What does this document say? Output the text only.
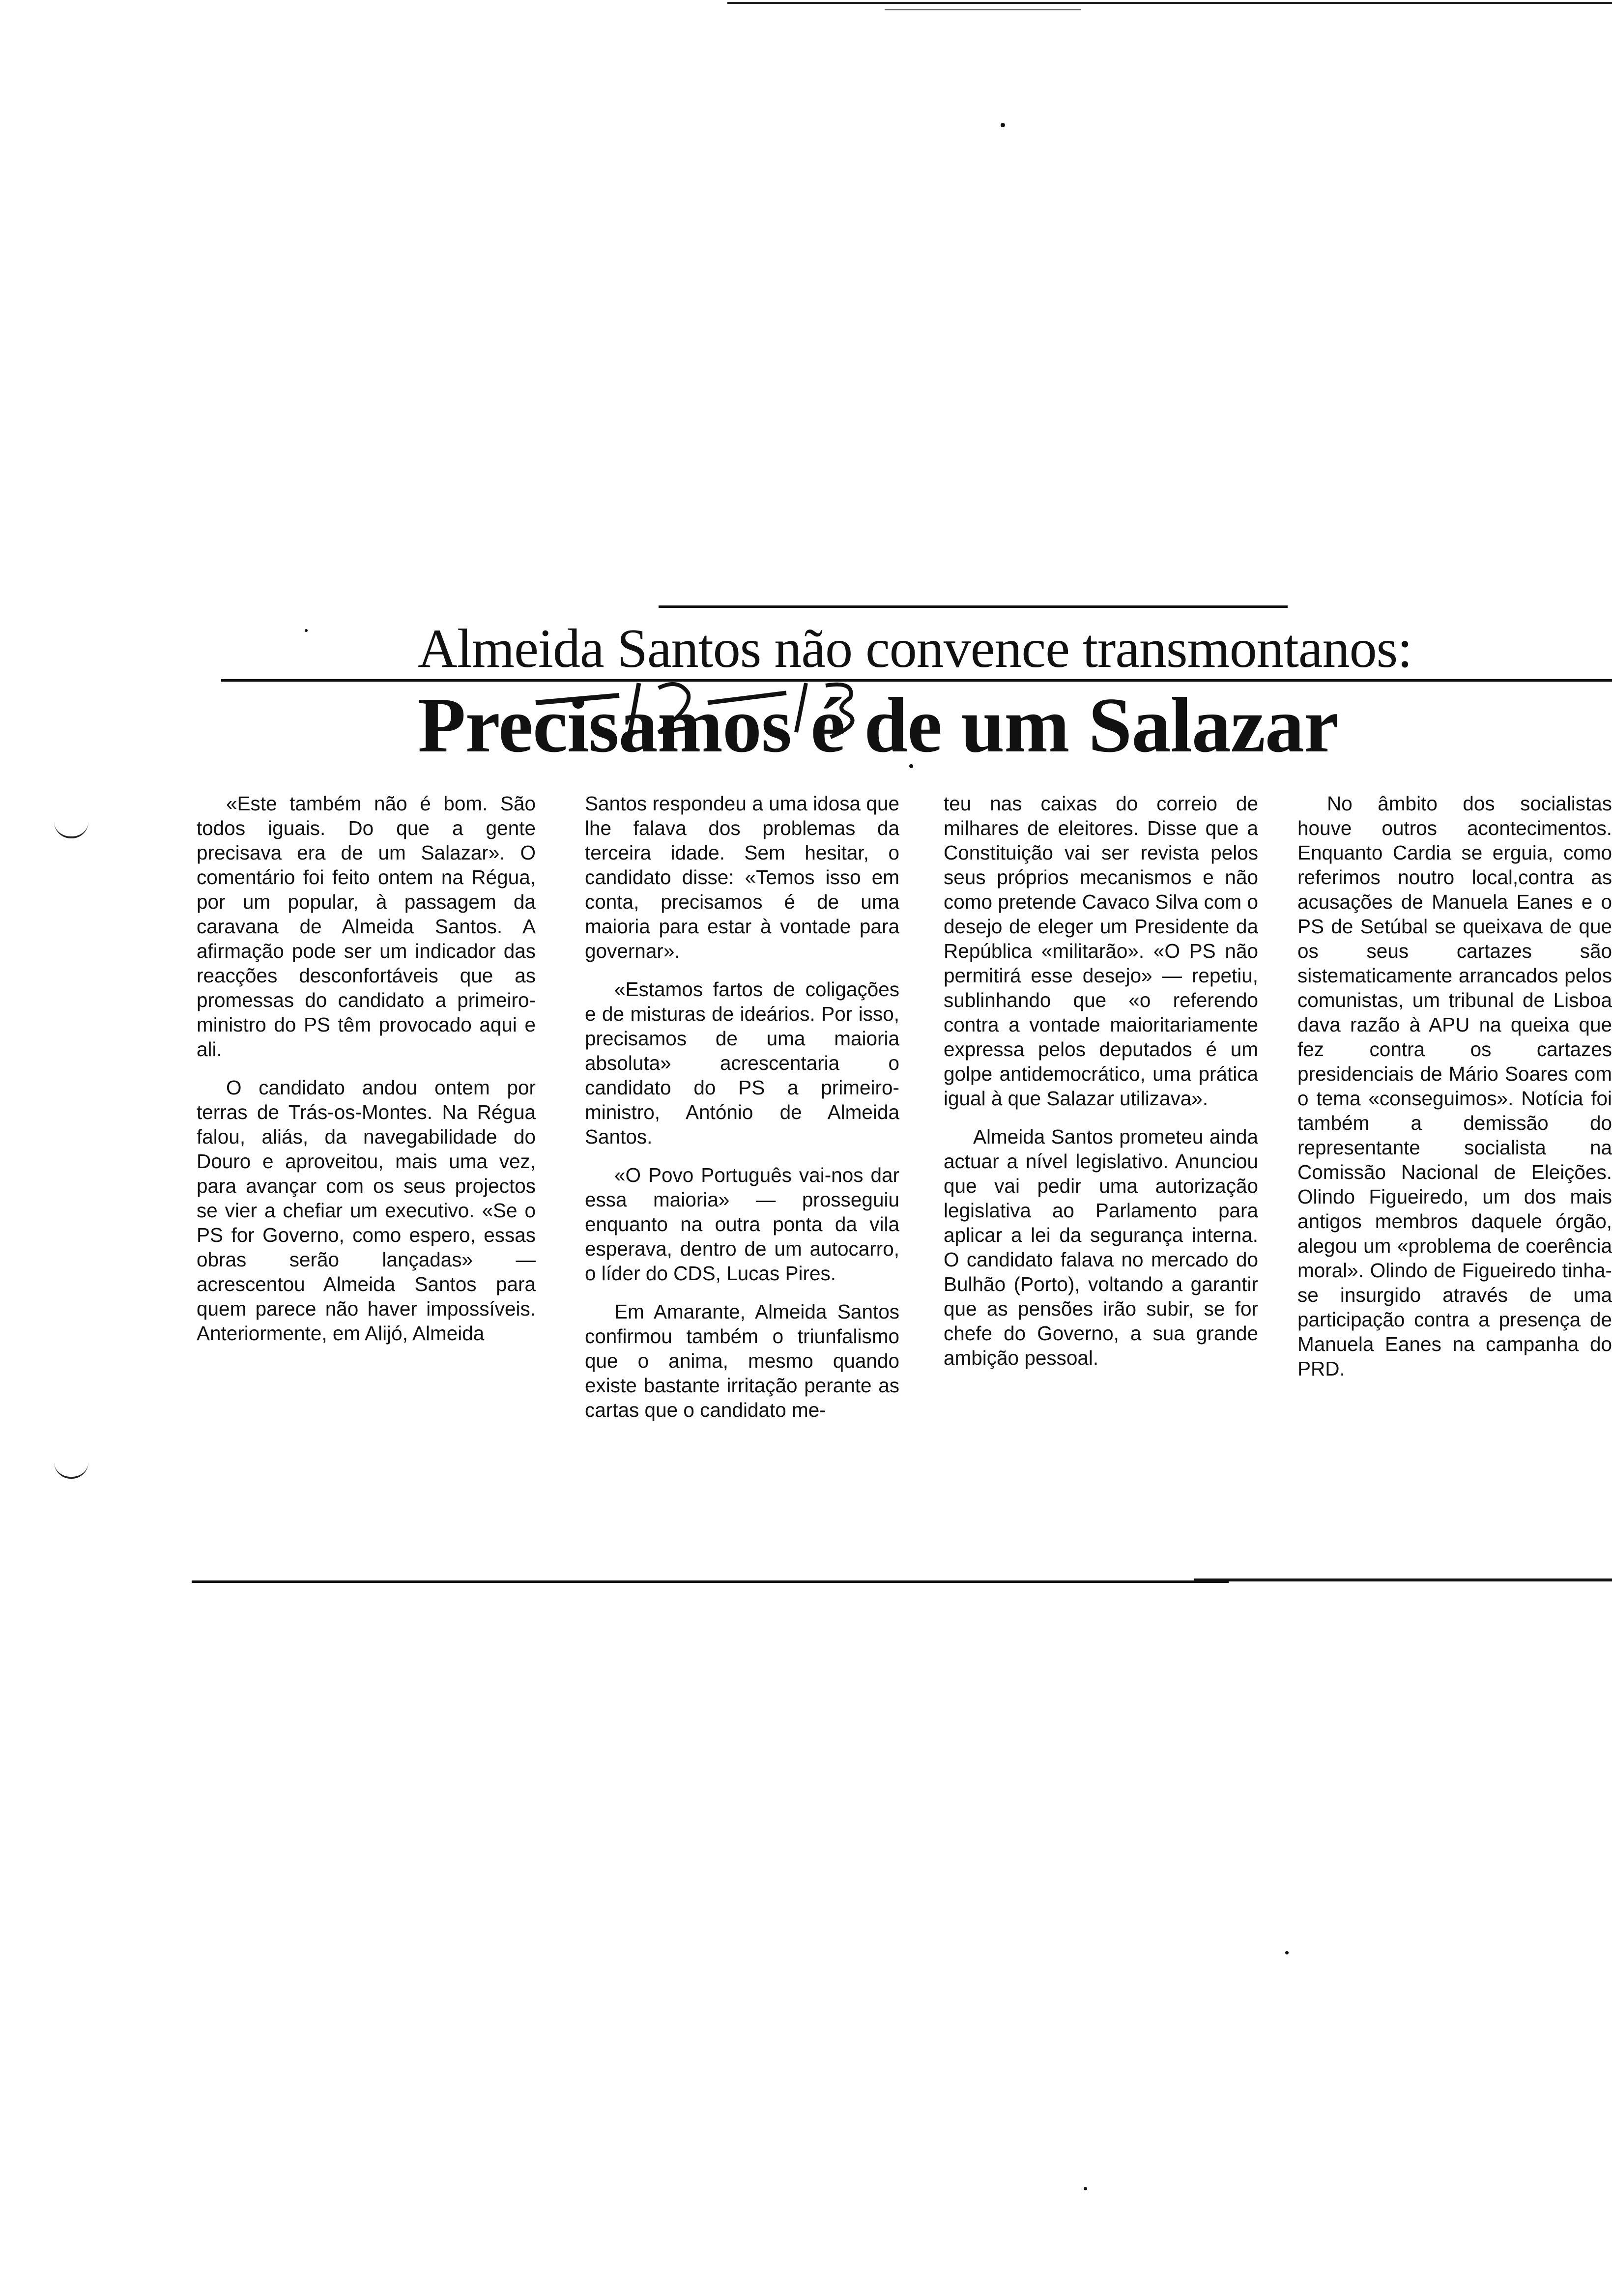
Almeida Santos não convence transmontanos:
Precisamos é de um Salazar

«Este também não é bom. São todos iguais. Do que a gente precisava era de um Salazar». O comentário foi feito ontem na Régua, por um popular, à passagem da caravana de Almeida Santos. A afirmação pode ser um indicador das reacções desconfortáveis que as promessas do candidato a primeiro-ministro do PS têm provocado aqui e ali.

O candidato andou ontem por terras de Trás-os-Montes. Na Régua falou, aliás, da navegabilidade do Douro e aproveitou, mais uma vez, para avançar com os seus projectos se vier a chefiar um executivo. «Se o PS for Governo, como espero, essas obras serão lançadas» — acrescentou Almeida Santos para quem parece não haver impossíveis. Anteriormente, em Alijó, Almeida

Santos respondeu a uma idosa que lhe falava dos problemas da terceira idade. Sem hesitar, o candidato disse: «Temos isso em conta, precisamos é de uma maioria para estar à vontade para governar».

«Estamos fartos de coligações e de misturas de ideários. Por isso, precisamos de uma maioria absoluta» acrescentaria o candidato do PS a primeiro-ministro, António de Almeida Santos.

«O Povo Português vai-nos dar essa maioria» — prosseguiu enquanto na outra ponta da vila esperava, dentro de um autocarro, o líder do CDS, Lucas Pires.

Em Amarante, Almeida Santos confirmou também o triunfalismo que o anima, mesmo quando existe bastante irritação perante as cartas que o candidato me-

teu nas caixas do correio de milhares de eleitores. Disse que a Constituição vai ser revista pelos seus próprios mecanismos e não como pretende Cavaco Silva com o desejo de eleger um Presidente da República «militarão». «O PS não permitirá esse desejo» — repetiu, sublinhando que «o referendo contra a vontade maioritariamente expressa pelos deputados é um golpe antidemocrático, uma prática igual à que Salazar utilizava».

Almeida Santos prometeu ainda actuar a nível legislativo. Anunciou que vai pedir uma autorização legislativa ao Parlamento para aplicar a lei da segurança interna. O candidato falava no mercado do Bulhão (Porto), voltando a garantir que as pensões irão subir, se for chefe do Governo, a sua grande ambição pessoal.

No âmbito dos socialistas houve outros acontecimentos. Enquanto Cardia se erguia, como referimos noutro local,contra as acusações de Manuela Eanes e o PS de Setúbal se queixava de que os seus cartazes são sistematicamente arrancados pelos comunistas, um tribunal de Lisboa dava razão à APU na queixa que fez contra os cartazes presidenciais de Mário Soares com o tema «conseguimos». Notícia foi também a demissão do representante socialista na Comissão Nacional de Eleições. Olindo Figueiredo, um dos mais antigos membros daquele órgão, alegou um «problema de coerência moral». Olindo de Figueiredo tinha-se insurgido através de uma participação contra a presença de Manuela Eanes na campanha do PRD.
